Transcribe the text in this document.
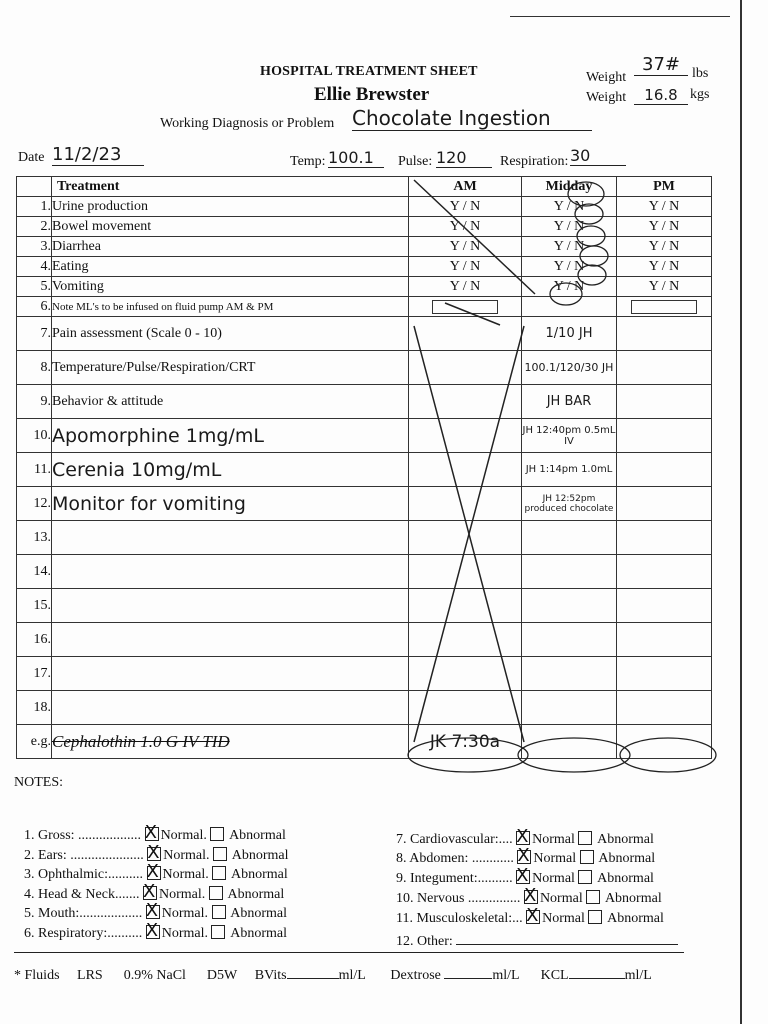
HOSPITAL TREATMENT SHEET
Ellie Brewster
Weight
37# lbs
Weight	16.8 kgs
Working Diagnosis or Problem Chocolate Ingestion
Date 11/2/23	Temp: 100.1	Pulse: 120	Respiration: 30
	Treatment	AM	Midday	PM
1.	Urine production	Y / N	Y / N	Y / N
2.	Bowel movement	Y / N	Y / N	Y / N
3.	Diarrhea	Y / N	Y / N	Y / N
4.	Eating	Y / N	Y / N	Y / N
5.	Vomiting	Y / N	Y / N	Y / N
6.	Note ML's to be infused on fluid pump AM & PM	

7.	Pain assessment (Scale 0 - 10)		1/10 JH	
8.	Temperature/Pulse/Respiration/CRT		100.1/120/30 JH	
9.	Behavior & attitude		JH BAR	
10.	Apomorphine 1mg/mL		JH 12:40pm 0.5mL IV	
11.	Cerenia 10mg/mL		JH 1:14pm 1.0mL	
12.	Monitor for vomiting		JH 12:52pm produced chocolate	
13.				
14.				
15.				
16.				
17.				
18.				
e.g.	Cephalothin 1.0 G IV TID	JK 7:30a		
NOTES:
1. Gross: .................. X Normal. Abnormal
2. Ears: ..................... X Normal. Abnormal
3. Ophthalmic:.......... X Normal. Abnormal
4. Head & Neck....... X Normal. Abnormal
5. Mouth:.................. X Normal. Abnormal
6. Respiratory:.......... X Normal. Abnormal
7. Cardiovascular:.... X Normal Abnormal
8. Abdomen: ............ X Normal Abnormal
9. Integument:.......... X Normal Abnormal
10. Nervous ............... X Normal Abnormal
11. Musculoskeletal:... X Normal Abnormal
12. Other:
* Fluids LRS 0.9% NaCl D5W BVits	ml/L Dextrose	ml/L KCL	ml/L
